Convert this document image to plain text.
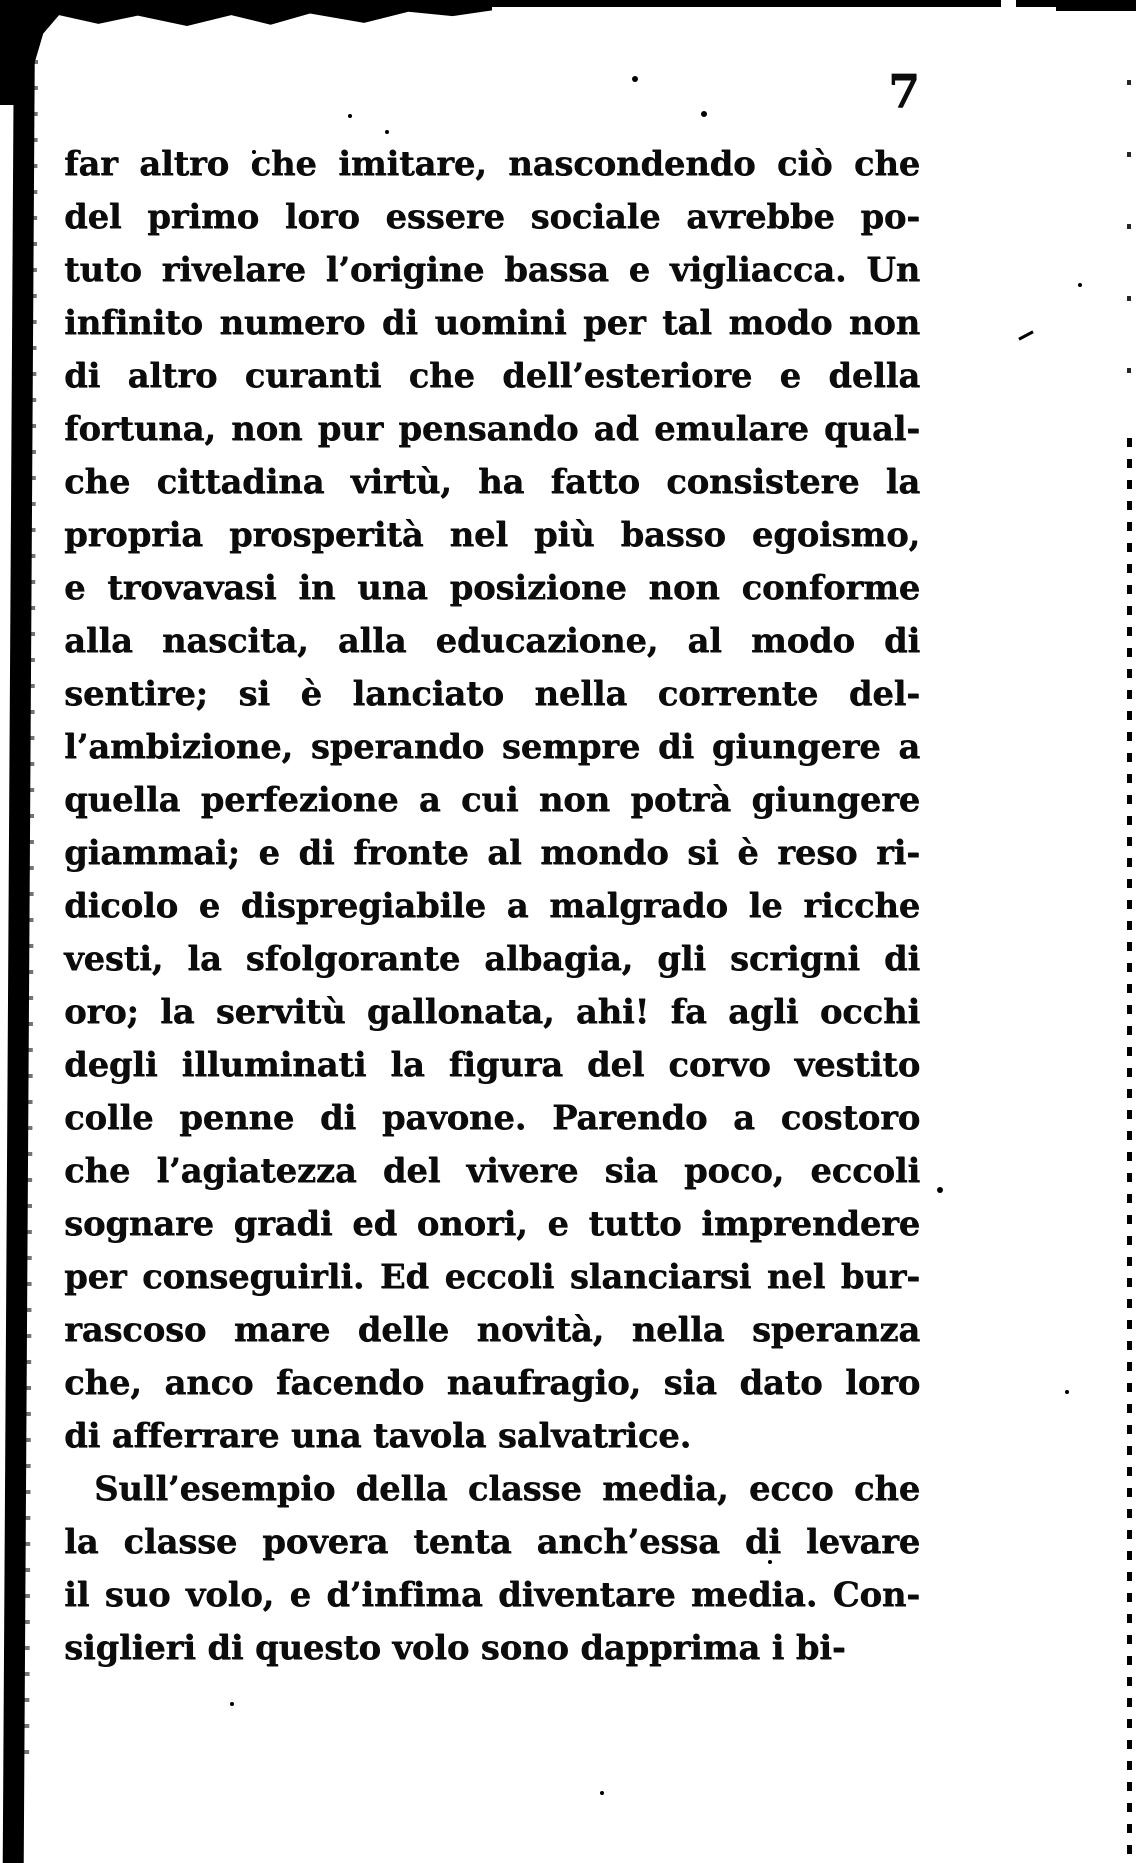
7
far altro che imitare, nascondendo ciò che
del primo loro essere sociale avrebbe po-
tuto rivelare l’origine bassa e vigliacca. Un
infinito numero di uomini per tal modo non
di altro curanti che dell’esteriore e della
fortuna, non pur pensando ad emulare qual-
che cittadina virtù, ha fatto consistere la
propria prosperità nel più basso egoismo,
e trovavasi in una posizione non conforme
alla nascita, alla educazione, al modo di
sentire; si è lanciato nella corrente del-
l’ambizione, sperando sempre di giungere a
quella perfezione a cui non potrà giungere
giammai; e di fronte al mondo si è reso ri-
dicolo e dispregiabile a malgrado le ricche
vesti, la sfolgorante albagia, gli scrigni di
oro; la servitù gallonata, ahi! fa agli occhi
degli illuminati la figura del corvo vestito
colle penne di pavone. Parendo a costoro
che l’agiatezza del vivere sia poco, eccoli
sognare gradi ed onori, e tutto imprendere
per conseguirli. Ed eccoli slanciarsi nel bur-
rascoso mare delle novità, nella speranza
che, anco facendo naufragio, sia dato loro
di afferrare una tavola salvatrice.
Sull’esempio della classe media, ecco che
la classe povera tenta anch’essa di levare
il suo volo, e d’infima diventare media. Con-
siglieri di questo volo sono dapprima i bi-
